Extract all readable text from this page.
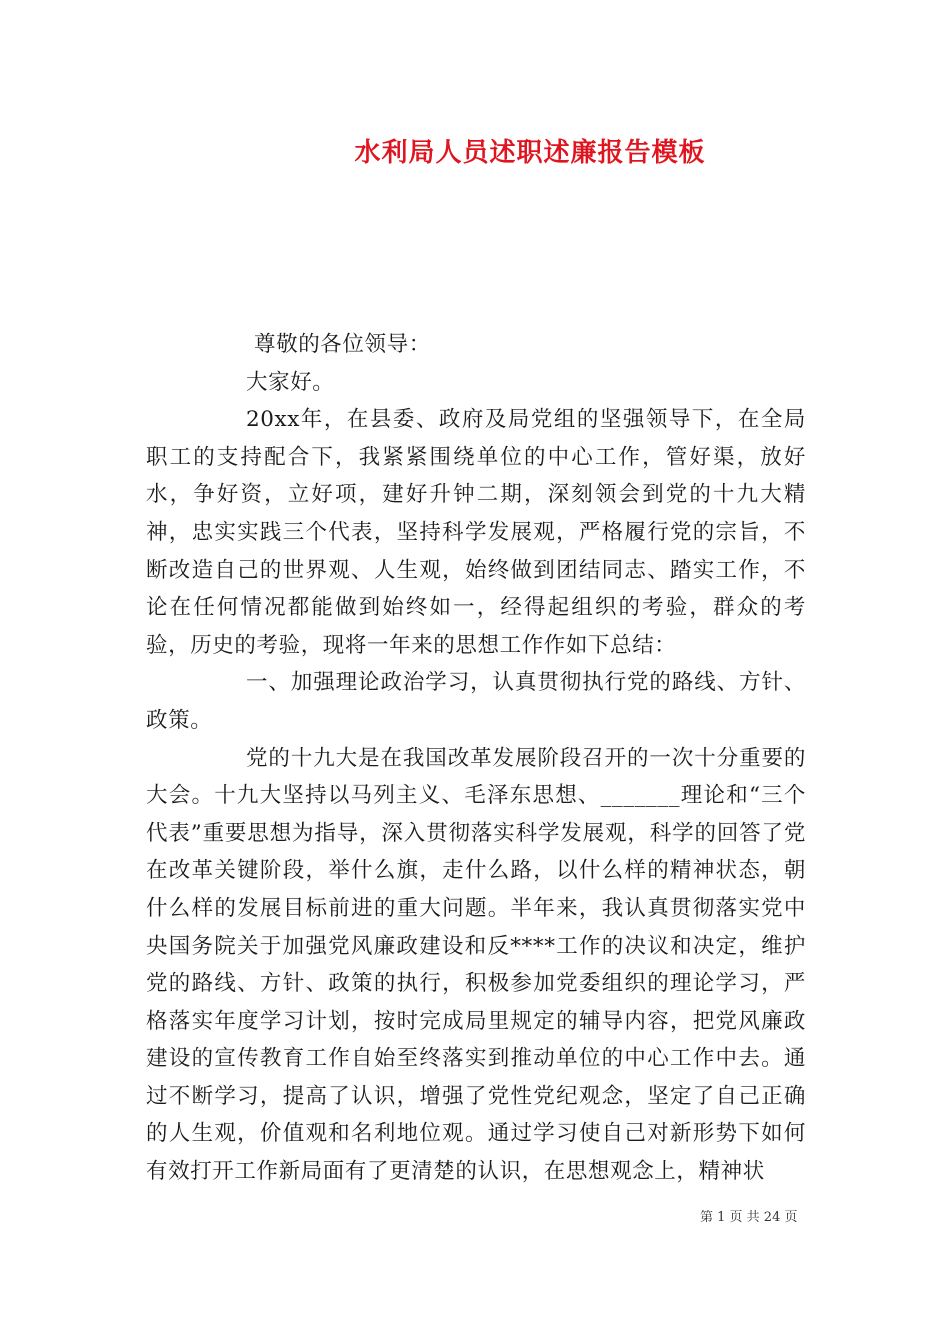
水利局人员述职述廉报告模板

尊敬的各位领导：

大家好。

20xx年，在县委、政府及局党组的坚强领导下，在全局职工的支持配合下，我紧紧围绕单位的中心工作，管好渠，放好水，争好资，立好项，建好升钟二期，深刻领会到党的十九大精神，忠实实践三个代表，坚持科学发展观，严格履行党的宗旨，不断改造自己的世界观、人生观，始终做到团结同志、踏实工作，不论在任何情况都能做到始终如一，经得起组织的考验，群众的考验，历史的考验，现将一年来的思想工作作如下总结：

一、加强理论政治学习，认真贯彻执行党的路线、方针、政策。

党的十九大是在我国改革发展阶段召开的一次十分重要的大会。十九大坚持以马列主义、毛泽东思想、_______理论和“三个代表”重要思想为指导，深入贯彻落实科学发展观，科学的回答了党在改革关键阶段，举什么旗，走什么路，以什么样的精神状态，朝什么样的发展目标前进的重大问题。半年来，我认真贯彻落实党中央国务院关于加强党风廉政建设和反****工作的决议和决定，维护党的路线、方针、政策的执行，积极参加党委组织的理论学习，严格落实年度学习计划，按时完成局里规定的辅导内容，把党风廉政建设的宣传教育工作自始至终落实到推动单位的中心工作中去。通过不断学习，提高了认识，增强了党性党纪观念，坚定了自己正确的人生观，价值观和名利地位观。通过学习使自己对新形势下如何有效打开工作新局面有了更清楚的认识，在思想观念上，精神状

第 1 页 共 24 页
